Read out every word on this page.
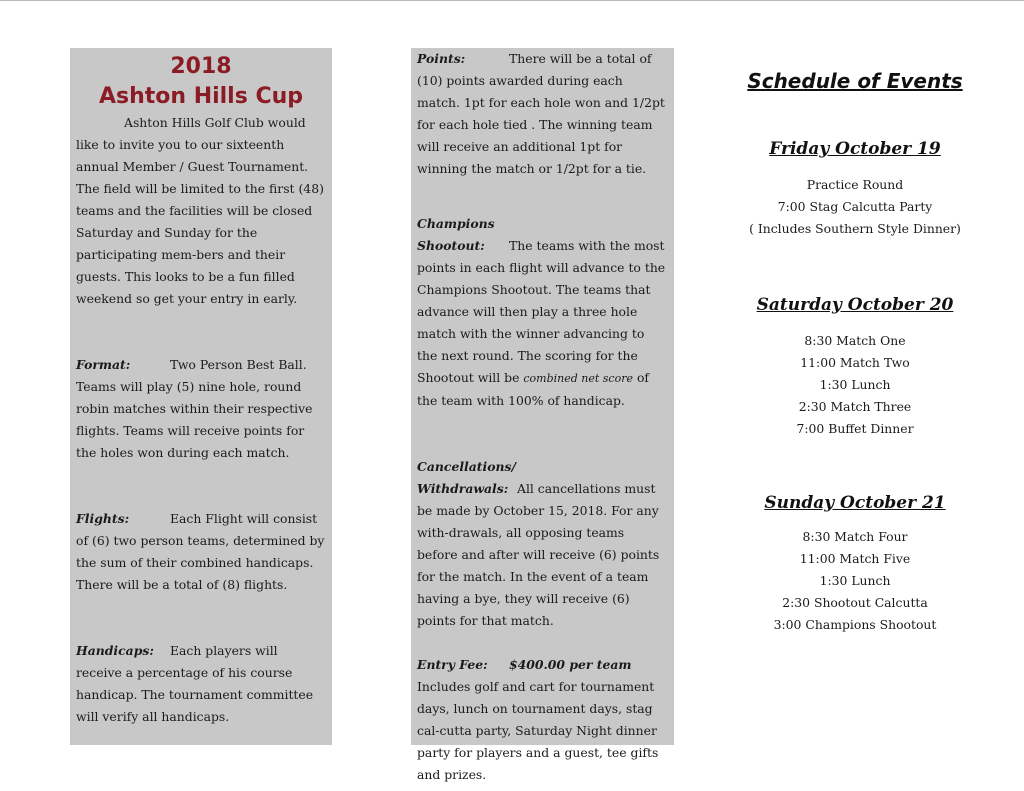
2018
Ashton Hills Cup

Ashton Hills Golf Club would like to invite you to our sixteenth annual Member / Guest Tournament. The field will be limited to the first (48) teams and the facilities will be closed Saturday and Sunday for the participating mem-bers and their guests. This looks to be a fun filled weekend so get your entry in early.

Format:	Two Person Best Ball. Teams will play (5) nine hole, round robin matches within their respective flights. Teams will receive points for the holes won during each match.

Flights:	Each Flight will consist of (6) two person teams, determined by the sum of their combined handicaps. There will be a total of (8) flights.

Handicaps: Each players will receive a percentage of his course handicap. The tournament committee will verify all handicaps.

Points:	There will be a total of (10) points awarded during each match. 1pt for each hole won and 1/2pt for each hole tied . The winning team will receive an additional 1pt for winning the match or 1/2pt for a tie.

Champions
Shootout: The teams with the most points in each flight will advance to the Champions Shootout. The teams that advance will then play a three hole match with the winner advancing to the next round. The scoring for the Shootout will be combined net score of the team with 100% of handicap.

Cancellations/
Withdrawals: All cancellations must be made by October 15, 2018. For any with-drawals, all opposing teams before and after will receive (6) points for the match. In the event of a team having a bye, they will receive (6) points for that match.

Entry Fee: $400.00 per team
Includes golf and cart for tournament days, lunch on tournament days, stag cal-cutta party, Saturday Night dinner party for players and a guest, tee gifts and prizes.

Schedule of Events
Friday October 19
Practice Round
7:00 Stag Calcutta Party
( Includes Southern Style Dinner)
Saturday October 20
8:30 Match One
11:00 Match Two
1:30 Lunch
2:30 Match Three
7:00 Buffet Dinner
Sunday October 21
8:30 Match Four
11:00 Match Five
1:30 Lunch
2:30 Shootout Calcutta
3:00 Champions Shootout
